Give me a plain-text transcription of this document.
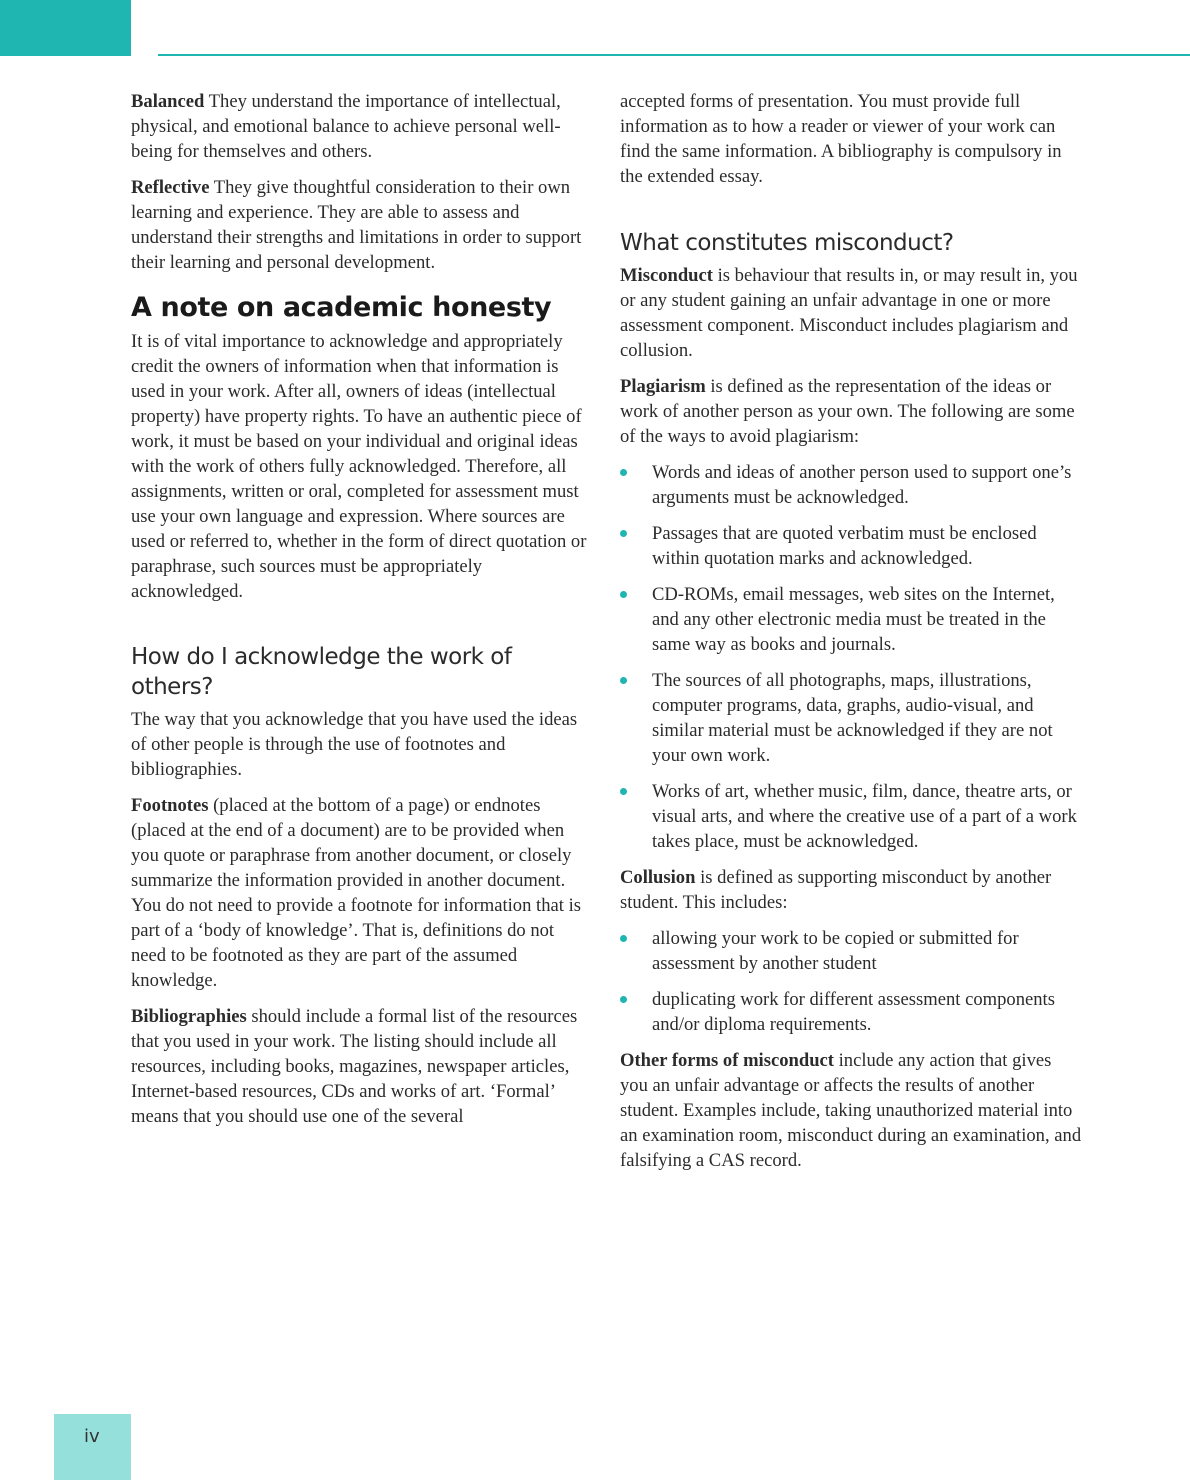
Balanced They understand the importance of intellectual, physical, and emotional balance to achieve personal well-being for themselves and others.

Reflective They give thoughtful consideration to their own learning and experience. They are able to assess and understand their strengths and limitations in order to support their learning and personal development.

A note on academic honesty

It is of vital importance to acknowledge and appropriately credit the owners of information when that information is used in your work. After all, owners of ideas (intellectual property) have property rights. To have an authentic piece of work, it must be based on your individual and original ideas with the work of others fully acknowledged. Therefore, all assignments, written or oral, completed for assessment must use your own language and expression. Where sources are used or referred to, whether in the form of direct quotation or paraphrase, such sources must be appropriately acknowledged.

How do I acknowledge the work of others?

The way that you acknowledge that you have used the ideas of other people is through the use of footnotes and bibliographies.

Footnotes (placed at the bottom of a page) or endnotes (placed at the end of a document) are to be provided when you quote or paraphrase from another document, or closely summarize the information provided in another document. You do not need to provide a footnote for information that is part of a ‘body of knowledge’. That is, definitions do not need to be footnoted as they are part of the assumed knowledge.

Bibliographies should include a formal list of the resources that you used in your work. The listing should include all resources, including books, magazines, newspaper articles, Internet-based resources, CDs and works of art. ‘Formal’ means that you should use one of the several

accepted forms of presentation. You must provide full information as to how a reader or viewer of your work can find the same information. A bibliography is compulsory in the extended essay.

What constitutes misconduct?

Misconduct is behaviour that results in, or may result in, you or any student gaining an unfair advantage in one or more assessment component. Misconduct includes plagiarism and collusion.

Plagiarism is defined as the representation of the ideas or work of another person as your own. The following are some of the ways to avoid plagiarism:

Words and ideas of another person used to support one’s arguments must be acknowledged.
Passages that are quoted verbatim must be enclosed within quotation marks and acknowledged.
CD-ROMs, email messages, web sites on the Internet, and any other electronic media must be treated in the same way as books and journals.
The sources of all photographs, maps, illustrations, computer programs, data, graphs, audio-visual, and similar material must be acknowledged if they are not your own work.
Works of art, whether music, film, dance, theatre arts, or visual arts, and where the creative use of a part of a work takes place, must be acknowledged.

Collusion is defined as supporting misconduct by another student. This includes:

allowing your work to be copied or submitted for assessment by another student
duplicating work for different assessment components and/or diploma requirements.

Other forms of misconduct include any action that gives you an unfair advantage or affects the results of another student. Examples include, taking unauthorized material into an examination room, misconduct during an examination, and falsifying a CAS record.

iv
